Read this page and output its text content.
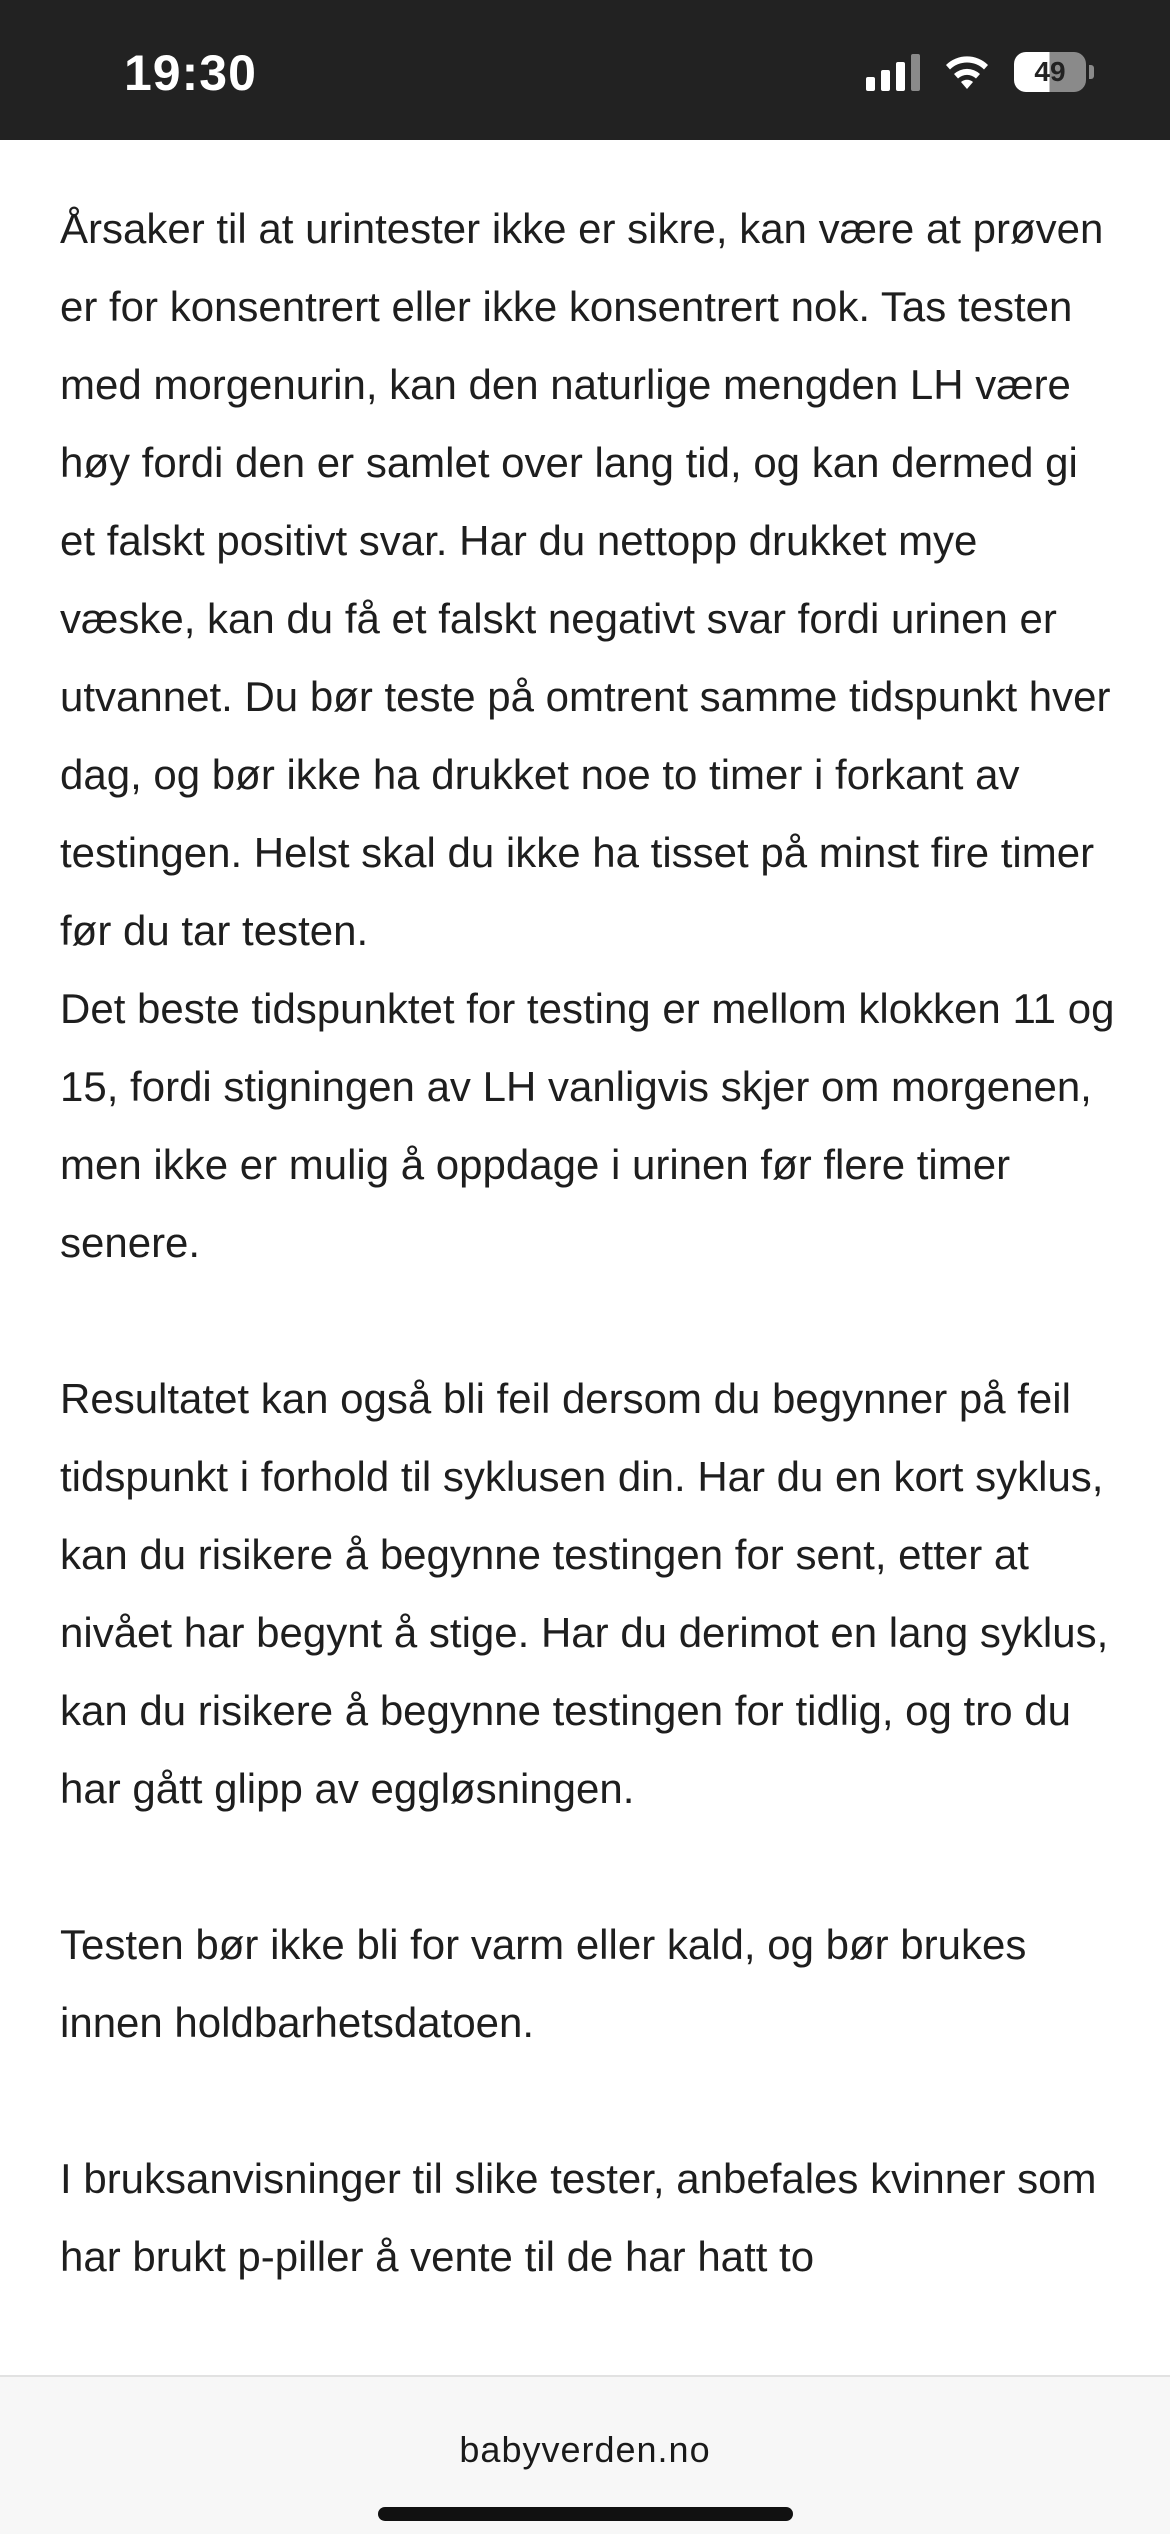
19:30	49

Årsaker til at urintester ikke er sikre, kan være at prøven er for konsentrert eller ikke konsentrert nok. Tas testen med morgenurin, kan den naturlige mengden LH være høy fordi den er samlet over lang tid, og kan dermed gi et falskt positivt svar. Har du nettopp drukket mye væske, kan du få et falskt negativt svar fordi urinen er utvannet. Du bør teste på omtrent samme tidspunkt hver dag, og bør ikke ha drukket noe to timer i forkant av testingen. Helst skal du ikke ha tisset på minst fire timer før du tar testen.

Det beste tidspunktet for testing er mellom klokken 11 og 15, fordi stigningen av LH vanligvis skjer om morgenen, men ikke er mulig å oppdage i urinen før flere timer senere.

Resultatet kan også bli feil dersom du begynner på feil tidspunkt i forhold til syklusen din. Har du en kort syklus, kan du risikere å begynne testingen for sent, etter at nivået har begynt å stige. Har du derimot en lang syklus, kan du risikere å begynne testingen for tidlig, og tro du har gått glipp av eggløsningen.

Testen bør ikke bli for varm eller kald, og bør brukes innen holdbarhetsdatoen.

I bruksanvisninger til slike tester, anbefales kvinner som har brukt p-piller å vente til de har hatt to

babyverden.no
